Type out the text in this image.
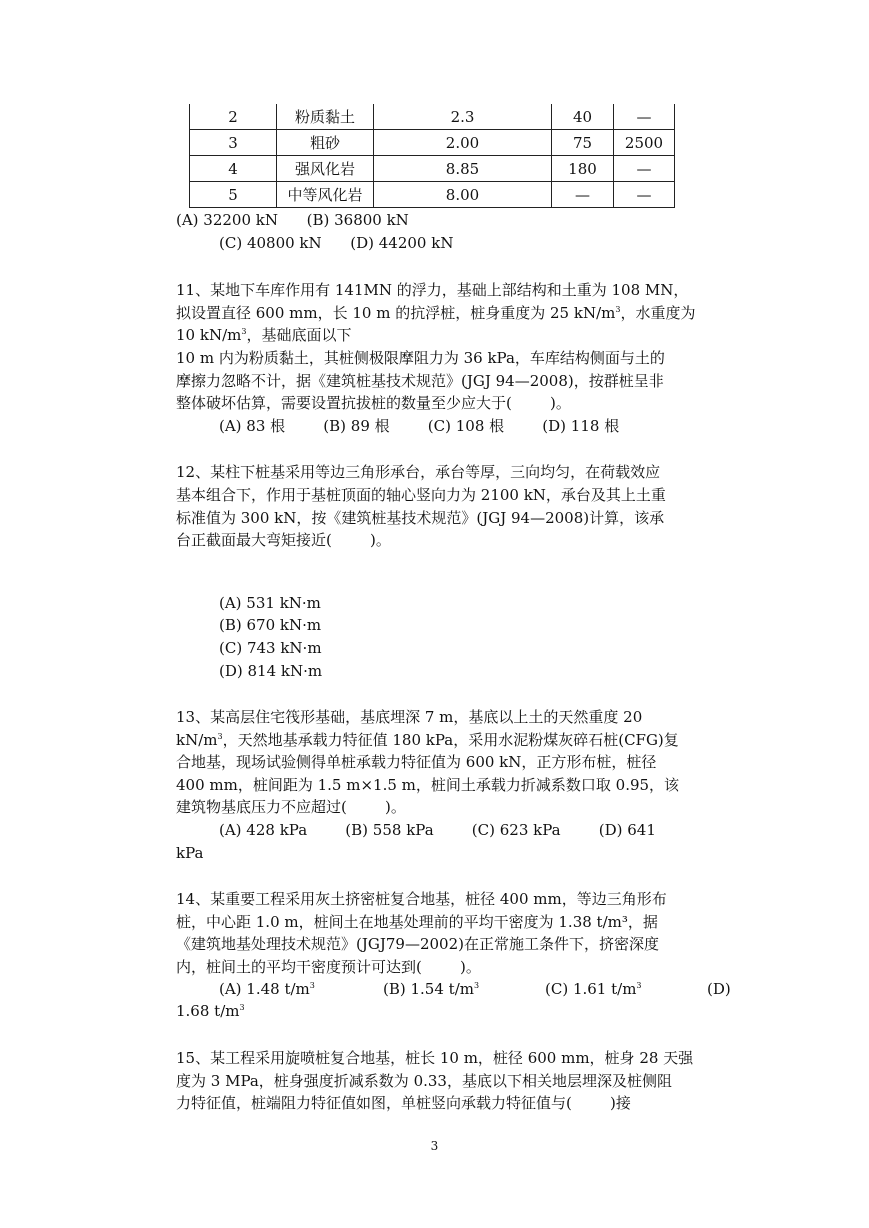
2	粉质黏土	2.3	40	—
3	粗砂	2.00	75	2500
4	强风化岩	8.85	180	—
5	中等风化岩	8.00	—	—
(A) 32200 kN      (B) 36800 kN
(C) 40800 kN      (D) 44200 kN
11、某地下车库作用有 141MN 的浮力，基础上部结构和土重为 108 MN，
拟设置直径 600 mm，长 10 m 的抗浮桩，桩身重度为 25 $kN/m^3$，水重度为
10 $kN/m^3$，基础底面以下
10 m 内为粉质黏土，其桩侧极限摩阻力为 36 kPa，车库结构侧面与土的
摩擦力忽略不计，据《建筑桩基技术规范》(JGJ 94—2008)，按群桩呈非
整体破坏估算，需要设置抗拔桩的数量至少应大于(        )。
(A) 83 根        (B) 89 根        (C) 108 根        (D) 118 根
12、某柱下桩基采用等边三角形承台，承台等厚，三向均匀，在荷载效应
基本组合下，作用于基桩顶面的轴心竖向力为 2100 kN，承台及其上土重
标准值为 300 kN，按《建筑桩基技术规范》(JGJ 94—2008)计算，该承
台正截面最大弯矩接近(        )。
(A) 531 kN·m
(B) 670 kN·m
(C) 743 kN·m
(D) 814 kN·m
13、某高层住宅筏形基础，基底埋深 7 m，基底以上土的天然重度 20
$kN/m^3$，天然地基承载力特征值 180 kPa，采用水泥粉煤灰碎石桩(CFG)复
合地基，现场试验侧得单桩承载力特征值为 600 kN，正方形布桩，桩径
400 mm，桩间距为 1.5 m×1.5 m，桩间土承载力折减系数口取 0.95，该
建筑物基底压力不应超过(        )。
(A) 428 kPa        (B) 558 kPa        (C) 623 kPa        (D) 641
kPa
14、某重要工程采用灰土挤密桩复合地基，桩径 400 mm，等边三角形布
桩，中心距 1.0 m，桩间土在地基处理前的平均干密度为 1.38 t/m³，据
《建筑地基处理技术规范》(JGJ79—2002)在正常施工条件下，挤密深度
内，桩间土的平均干密度预计可达到(        )。
(A) 1.48 $t/m^3$	(B) 1.54 $t/m^3$	(C) 1.61 $t/m^3$	(D)
1.68 $t/m^3$
15、某工程采用旋喷桩复合地基，桩长 10 m，桩径 600 mm，桩身 28 天强
度为 3 MPa，桩身强度折减系数为 0.33，基底以下相关地层埋深及桩侧阻
力特征值，桩端阻力特征值如图，单桩竖向承载力特征值与(        )接
3
